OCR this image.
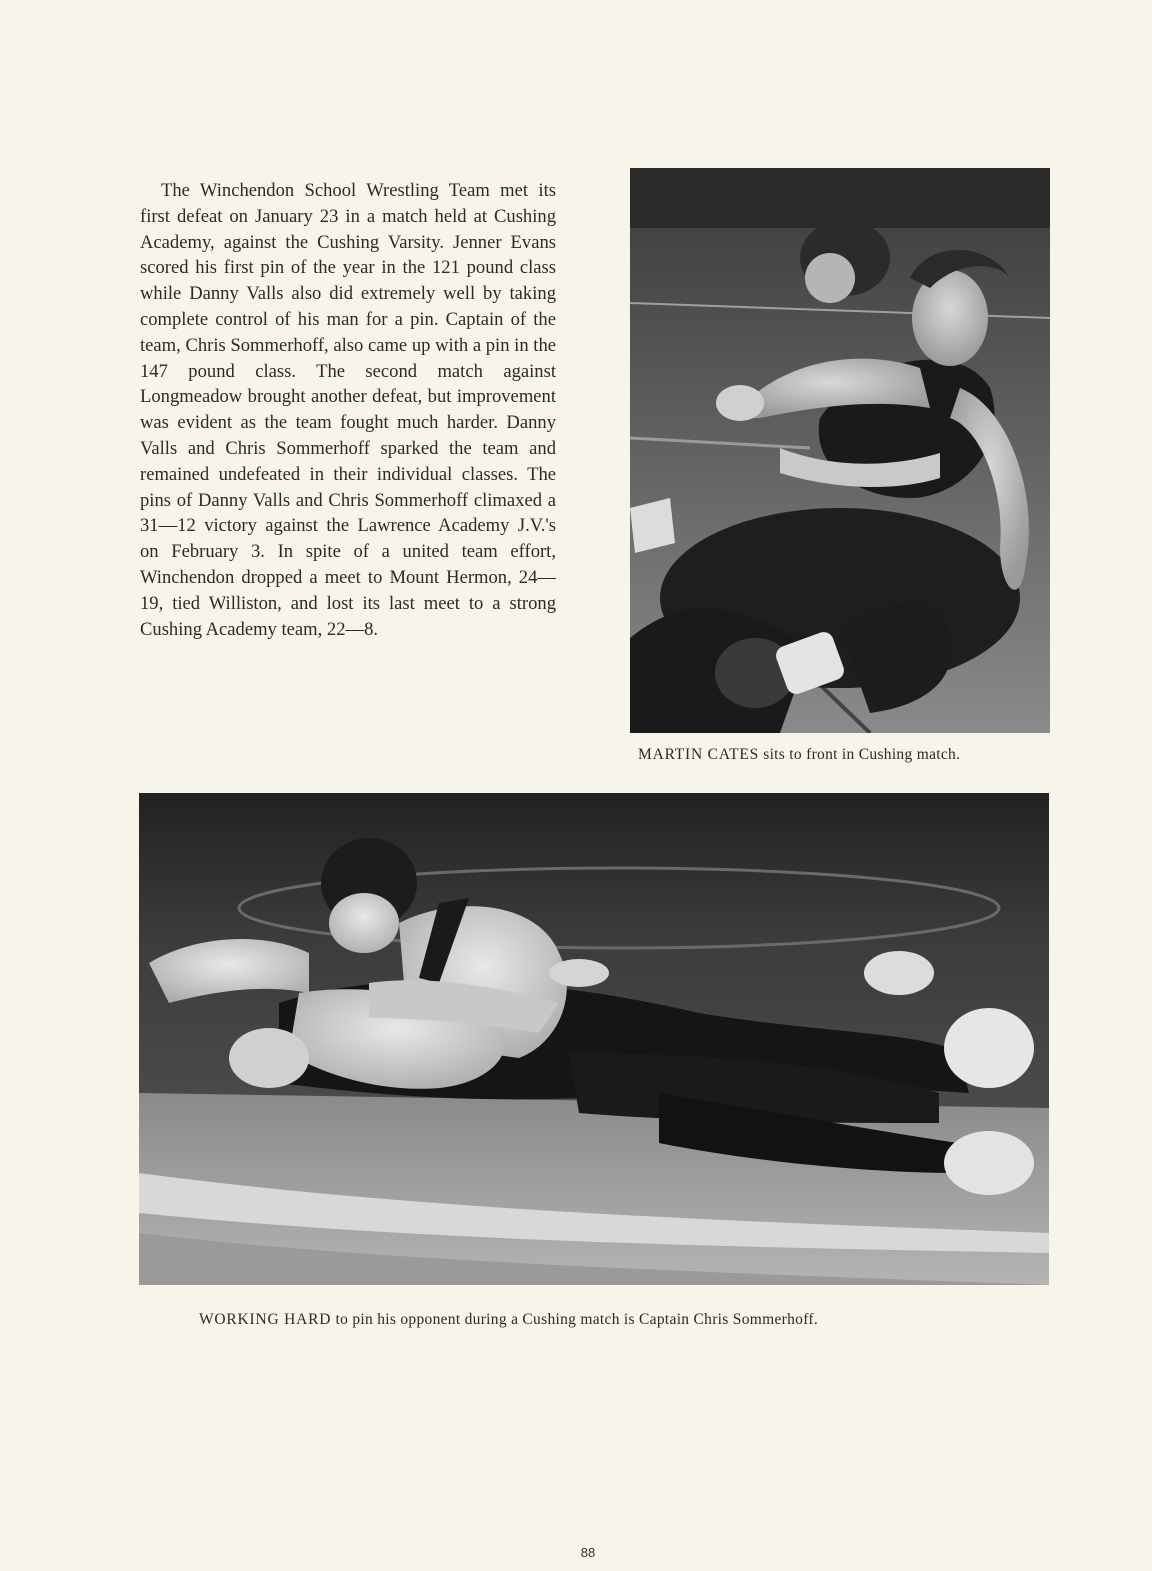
The Winchendon School Wrestling Team met its first defeat on January 23 in a match held at Cushing Academy, against the Cushing Varsity. Jenner Evans scored his first pin of the year in the 121 pound class while Danny Valls also did extremely well by taking complete control of his man for a pin. Captain of the team, Chris Sommerhoff, also came up with a pin in the 147 pound class. The second match against Longmeadow brought another defeat, but improvement was evident as the team fought much harder. Danny Valls and Chris Sommerhoff sparked the team and remained undefeated in their individual classes. The pins of Danny Valls and Chris Sommerhoff climaxed a 31—12 victory against the Lawrence Academy J.V.'s on February 3. In spite of a united team effort, Winchendon dropped a meet to Mount Hermon, 24—19, tied Williston, and lost its last meet to a strong Cushing Academy team, 22—8.

MARTIN CATES sits to front in Cushing match.
WORKING HARD to pin his opponent during a Cushing match is Captain Chris Sommerhoff.
88
